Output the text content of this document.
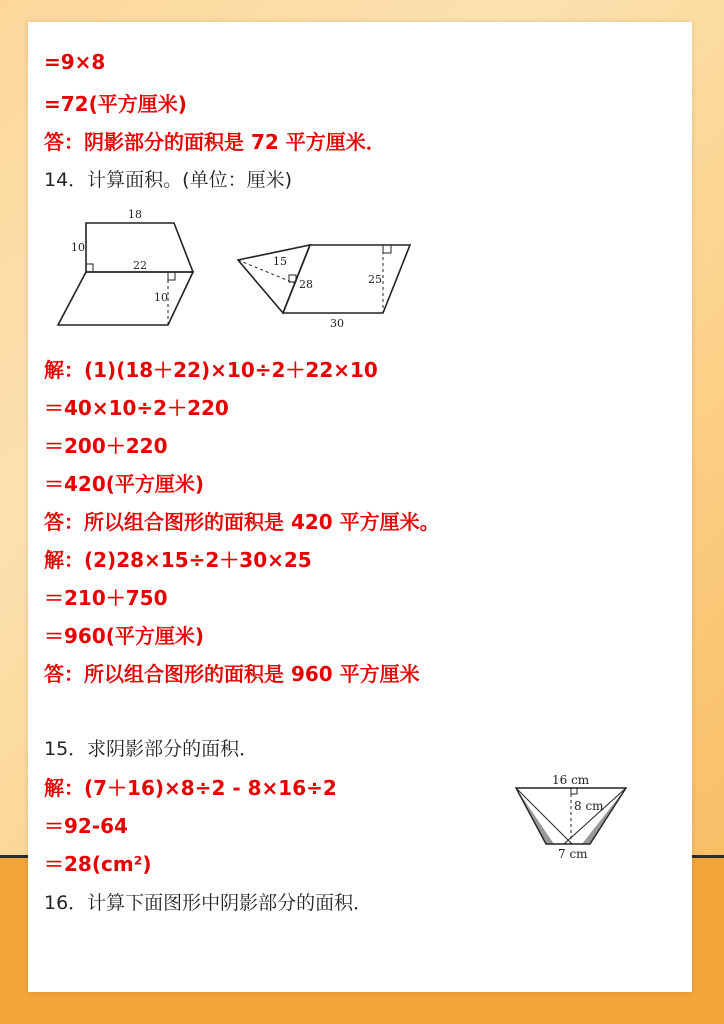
=9×8
=72(平方厘米)
答：阴影部分的面积是 72 平方厘米．
14．计算面积。(单位：厘米)
18
10
22
10
15
28	25
30
解：(1)(18＋22)×10÷2＋22×10
＝40×10÷2＋220
＝200＋220
＝420(平方厘米)
答：所以组合图形的面积是 420 平方厘米。
解：(2)28×15÷2＋30×25
＝210＋750
＝960(平方厘米)
答：所以组合图形的面积是 960 平方厘米
15．求阴影部分的面积．
解：(7＋16)×8÷2 - 8×16÷2
＝92-64
＝28(cm²)
16 cm
8 cm
7 cm
16．计算下面图形中阴影部分的面积．
